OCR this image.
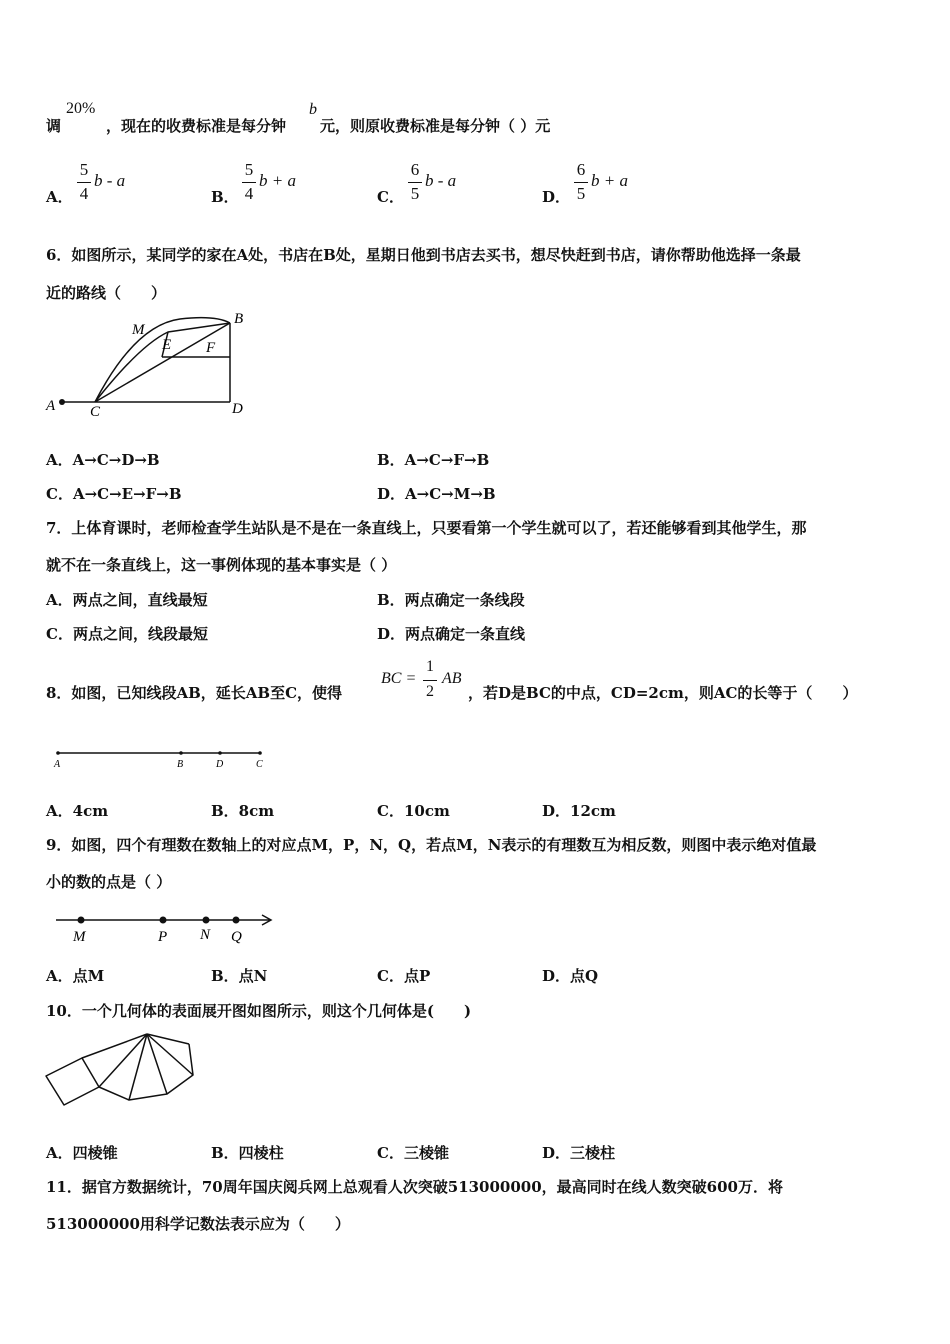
调
20%
，现在的收费标准是每分钟
b
元，则原收费标准是每分钟（ ）元
A．
5
4
b - a
B．
5
4
b + a
C．
6
5
b - a
D．
6
5
b + a
6．如图所示，某同学的家在A处，书店在B处，星期日他到书店去买书，想尽快赶到书店，请你帮助他选择一条最
近的路线（　　）
A C	D
B
M
E F
A．A→C→D→B	B．A→C→F→B
C．A→C→E→F→B	D．A→C→M→B
7．上体育课时，老师检查学生站队是不是在一条直线上，只要看第一个学生就可以了，若还能够看到其他学生，那
就不在一条直线上，这一事例体现的基本事实是（ ）
A．两点之间，直线最短	B．两点确定一条线段
C．两点之间，线段最短	D．两点确定一条直线
8．如图，已知线段AB，延长AB至C，使得
BC =
1
2
AB
，若D是BC的中点，CD=2cm，则AC的长等于（　　）
A	B	D	C
A．4cm	B．8cm	C．10cm	D．12cm
9．如图，四个有理数在数轴上的对应点M，P，N，Q，若点M，N表示的有理数互为相反数，则图中表示绝对值最
小的数的点是（ ）
M	P N Q
A．点M	B．点N	C．点P	D．点Q
10．一个几何体的表面展开图如图所示，则这个几何体是(　　)
A．四棱锥	B．四棱柱	C．三棱锥	D．三棱柱
11．据官方数据统计，70周年国庆阅兵网上总观看人次突破513000000，最高同时在线人数突破600万．将
513000000用科学记数法表示应为（　　）
